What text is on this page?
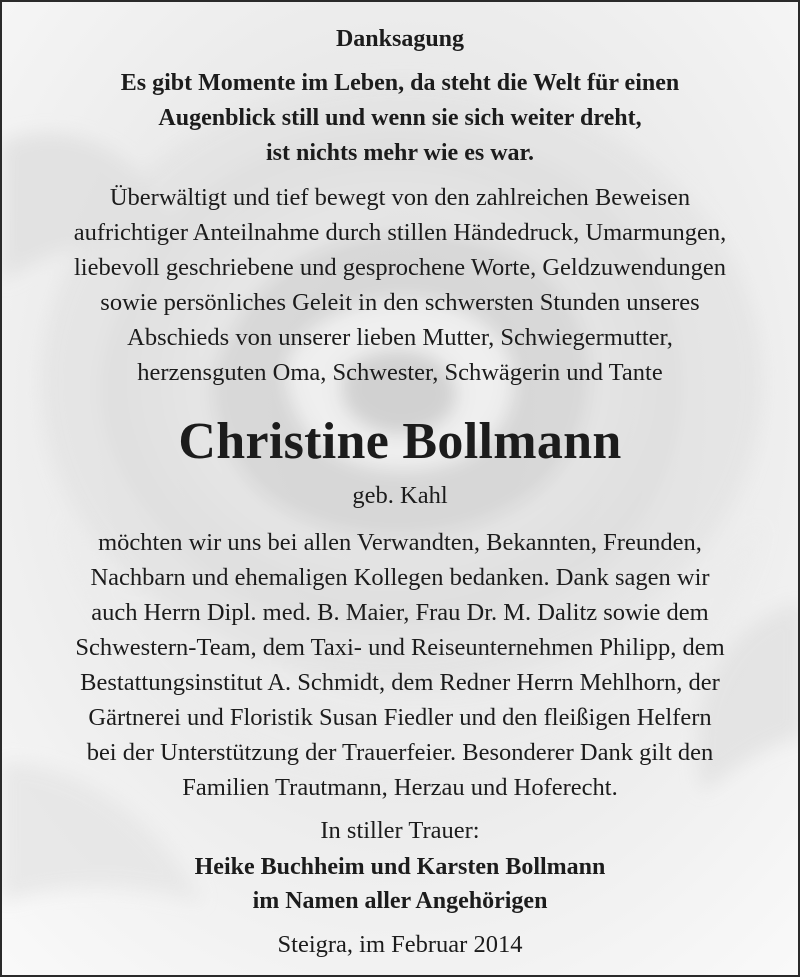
Danksagung
Es gibt Momente im Leben, da steht die Welt für einen
Augenblick still und wenn sie sich weiter dreht,
ist nichts mehr wie es war.
Überwältigt und tief bewegt von den zahlreichen Beweisen
aufrichtiger Anteilnahme durch stillen Händedruck, Umarmungen,
liebevoll geschriebene und gesprochene Worte, Geldzuwendungen
sowie persönliches Geleit in den schwersten Stunden unseres
Abschieds von unserer lieben Mutter, Schwiegermutter,
herzensguten Oma, Schwester, Schwägerin und Tante
Christine Bollmann
geb. Kahl
möchten wir uns bei allen Verwandten, Bekannten, Freunden,
Nachbarn und ehemaligen Kollegen bedanken. Dank sagen wir
auch Herrn Dipl. med. B. Maier, Frau Dr. M. Dalitz sowie dem
Schwestern-Team, dem Taxi- und Reiseunternehmen Philipp, dem
Bestattungsinstitut A. Schmidt, dem Redner Herrn Mehlhorn, der
Gärtnerei und Floristik Susan Fiedler und den fleißigen Helfern
bei der Unterstützung der Trauerfeier. Besonderer Dank gilt den
Familien Trautmann, Herzau und Hoferecht.
In stiller Trauer:
Heike Buchheim und Karsten Bollmann
im Namen aller Angehörigen
Steigra, im Februar 2014
